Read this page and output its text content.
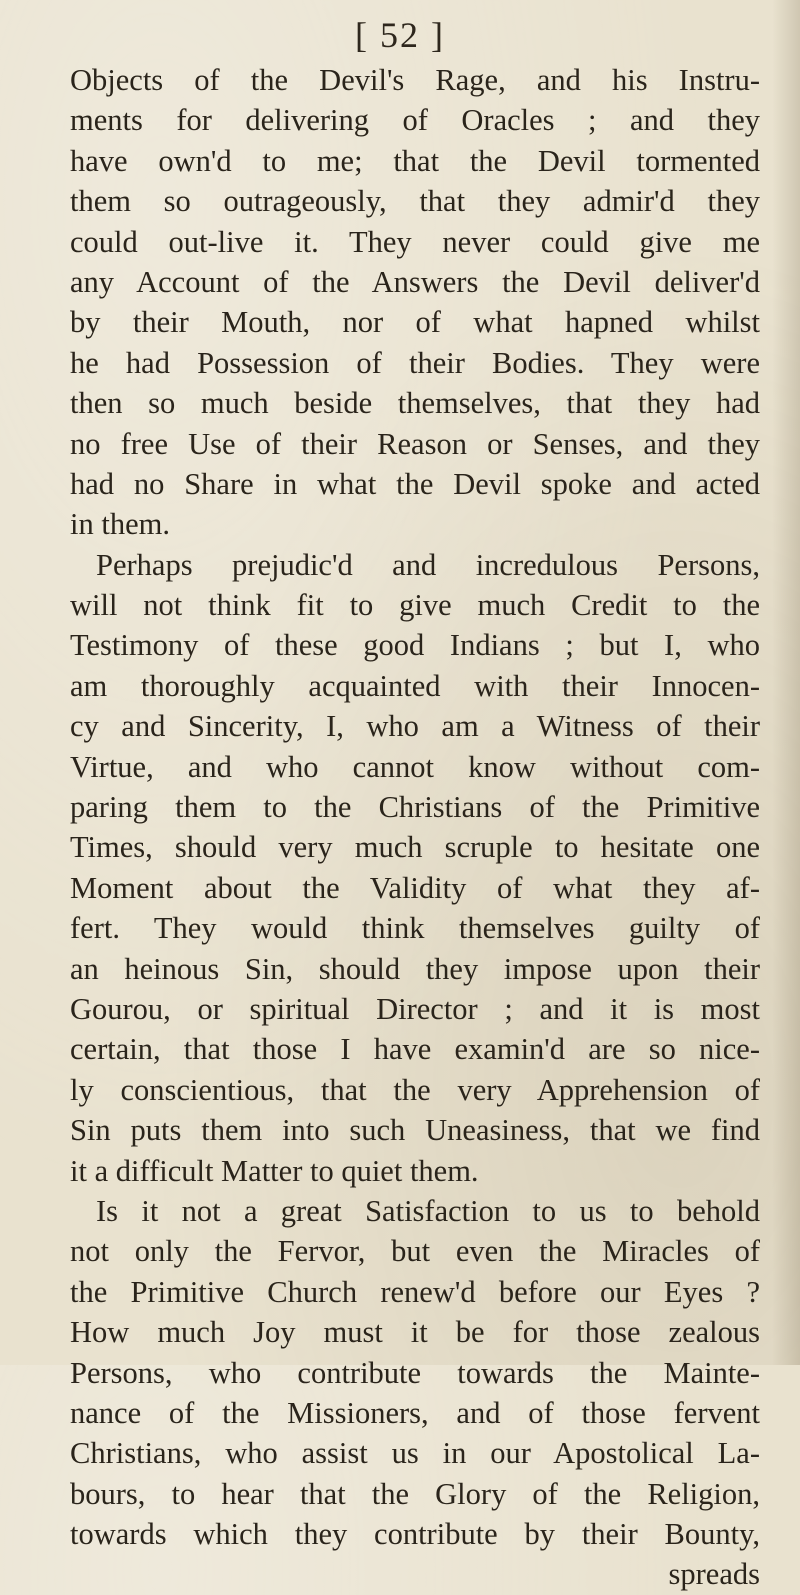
[ 52 ]
Objects of the Devil's Rage, and his Instru-
ments for delivering of Oracles ; and they
have own'd to me; that the Devil tormented
them so outrageously, that they admir'd they
could out-live it. They never could give me
any Account of the Answers the Devil deliver'd
by their Mouth, nor of what hapned whilst
he had Possession of their Bodies. They were
then so much beside themselves, that they had
no free Use of their Reason or Senses, and they
had no Share in what the Devil spoke and acted
in them.
Perhaps prejudic'd and incredulous Persons,
will not think fit to give much Credit to the
Testimony of these good Indians ; but I, who
am thoroughly acquainted with their Innocen-
cy and Sincerity, I, who am a Witness of their
Virtue, and who cannot know without com-
paring them to the Christians of the Primitive
Times, should very much scruple to hesitate one
Moment about the Validity of what they af-
fert. They would think themselves guilty of
an heinous Sin, should they impose upon their
Gourou, or spiritual Director ; and it is most
certain, that those I have examin'd are so nice-
ly conscientious, that the very Apprehension of
Sin puts them into such Uneasiness, that we find
it a difficult Matter to quiet them.
Is it not a great Satisfaction to us to behold
not only the Fervor, but even the Miracles of
the Primitive Church renew'd before our Eyes ?
How much Joy must it be for those zealous
Persons, who contribute towards the Mainte-
nance of the Missioners, and of those fervent
Christians, who assist us in our Apostolical La-
bours, to hear that the Glory of the Religion,
towards which they contribute by their Bounty,
spreads
